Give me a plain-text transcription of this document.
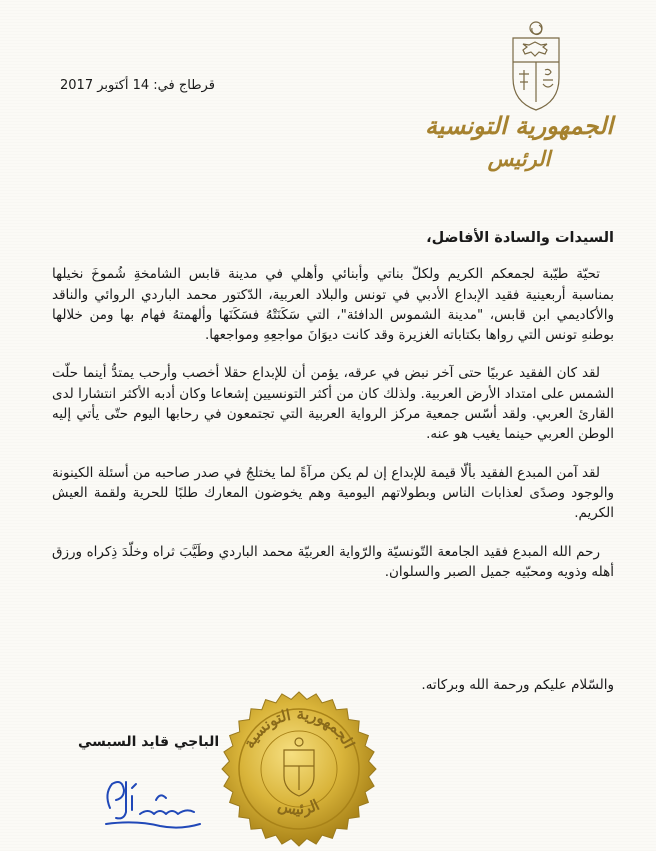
قرطاج في: 14 أكتوبر 2017
الجمهورية التونسية
الرئيس

السيدات والسادة الأفاضل،

تحيّة طيّبة لجمعكم الكريم ولكلّ بناتي وأبنائي وأهلي في مدينة قابس الشامخةِ شُموخَ نخيلها بمناسبة أربعينية فقيد الإبداع الأدبي في تونس والبلاد العربية، الدّكتور محمد الباردي الروائي والناقد والأكاديمي ابن قابس، "مدينة الشموس الدافئة"، التي سَكَنَتْهُ فسَكَنَها وألهمتهُ فهام بها ومن خلالها بوطنهِ تونس التي رواها بكتاباته الغزيرة وقد كانت ديوَانَ مواجعِهِ ومواجعها.

لقد كان الفقيد عربيًا حتى آخر نبض في عرقه، يؤمن أن للإبداع حقلا أخصب وأرحب يمتدُّ أينما حلّت الشمس على امتداد الأرض العربية. ولذلك كان من أكثر التونسيين إشعاعا وكان أدبه الأكثر انتشارا لدى القارئ العربي. ولقد أسّس جمعية مركز الرواية العربية التي تجتمعون في رحابها اليوم حتّى يأتي إليه الوطن العربي حينما يغيب هو عنه.

لقد آمن المبدع الفقيد بألّا قيمة للإبداع إن لم يكن مرآةً لما يختلجُ في صدر صاحبه من أسئلة الكينونة والوجود وصدًى لعذابات الناس وبطولاتهم اليومية وهم يخوضون المعارك طلبًا للحرية ولقمة العيش الكريم.

رحم الله المبدع فقيد الجامعة التّونسيّة والرّواية العربيّة محمد الباردي وطَيَّبَ ثراه وخلّدَ ذِكراه ورزق أهله وذويه ومحبّيه جميل الصبر والسلوان.

والسّلام عليكم ورحمة الله وبركاته.
الجمهورية التونسية
الرئيس
الباجي قايد السبسي
